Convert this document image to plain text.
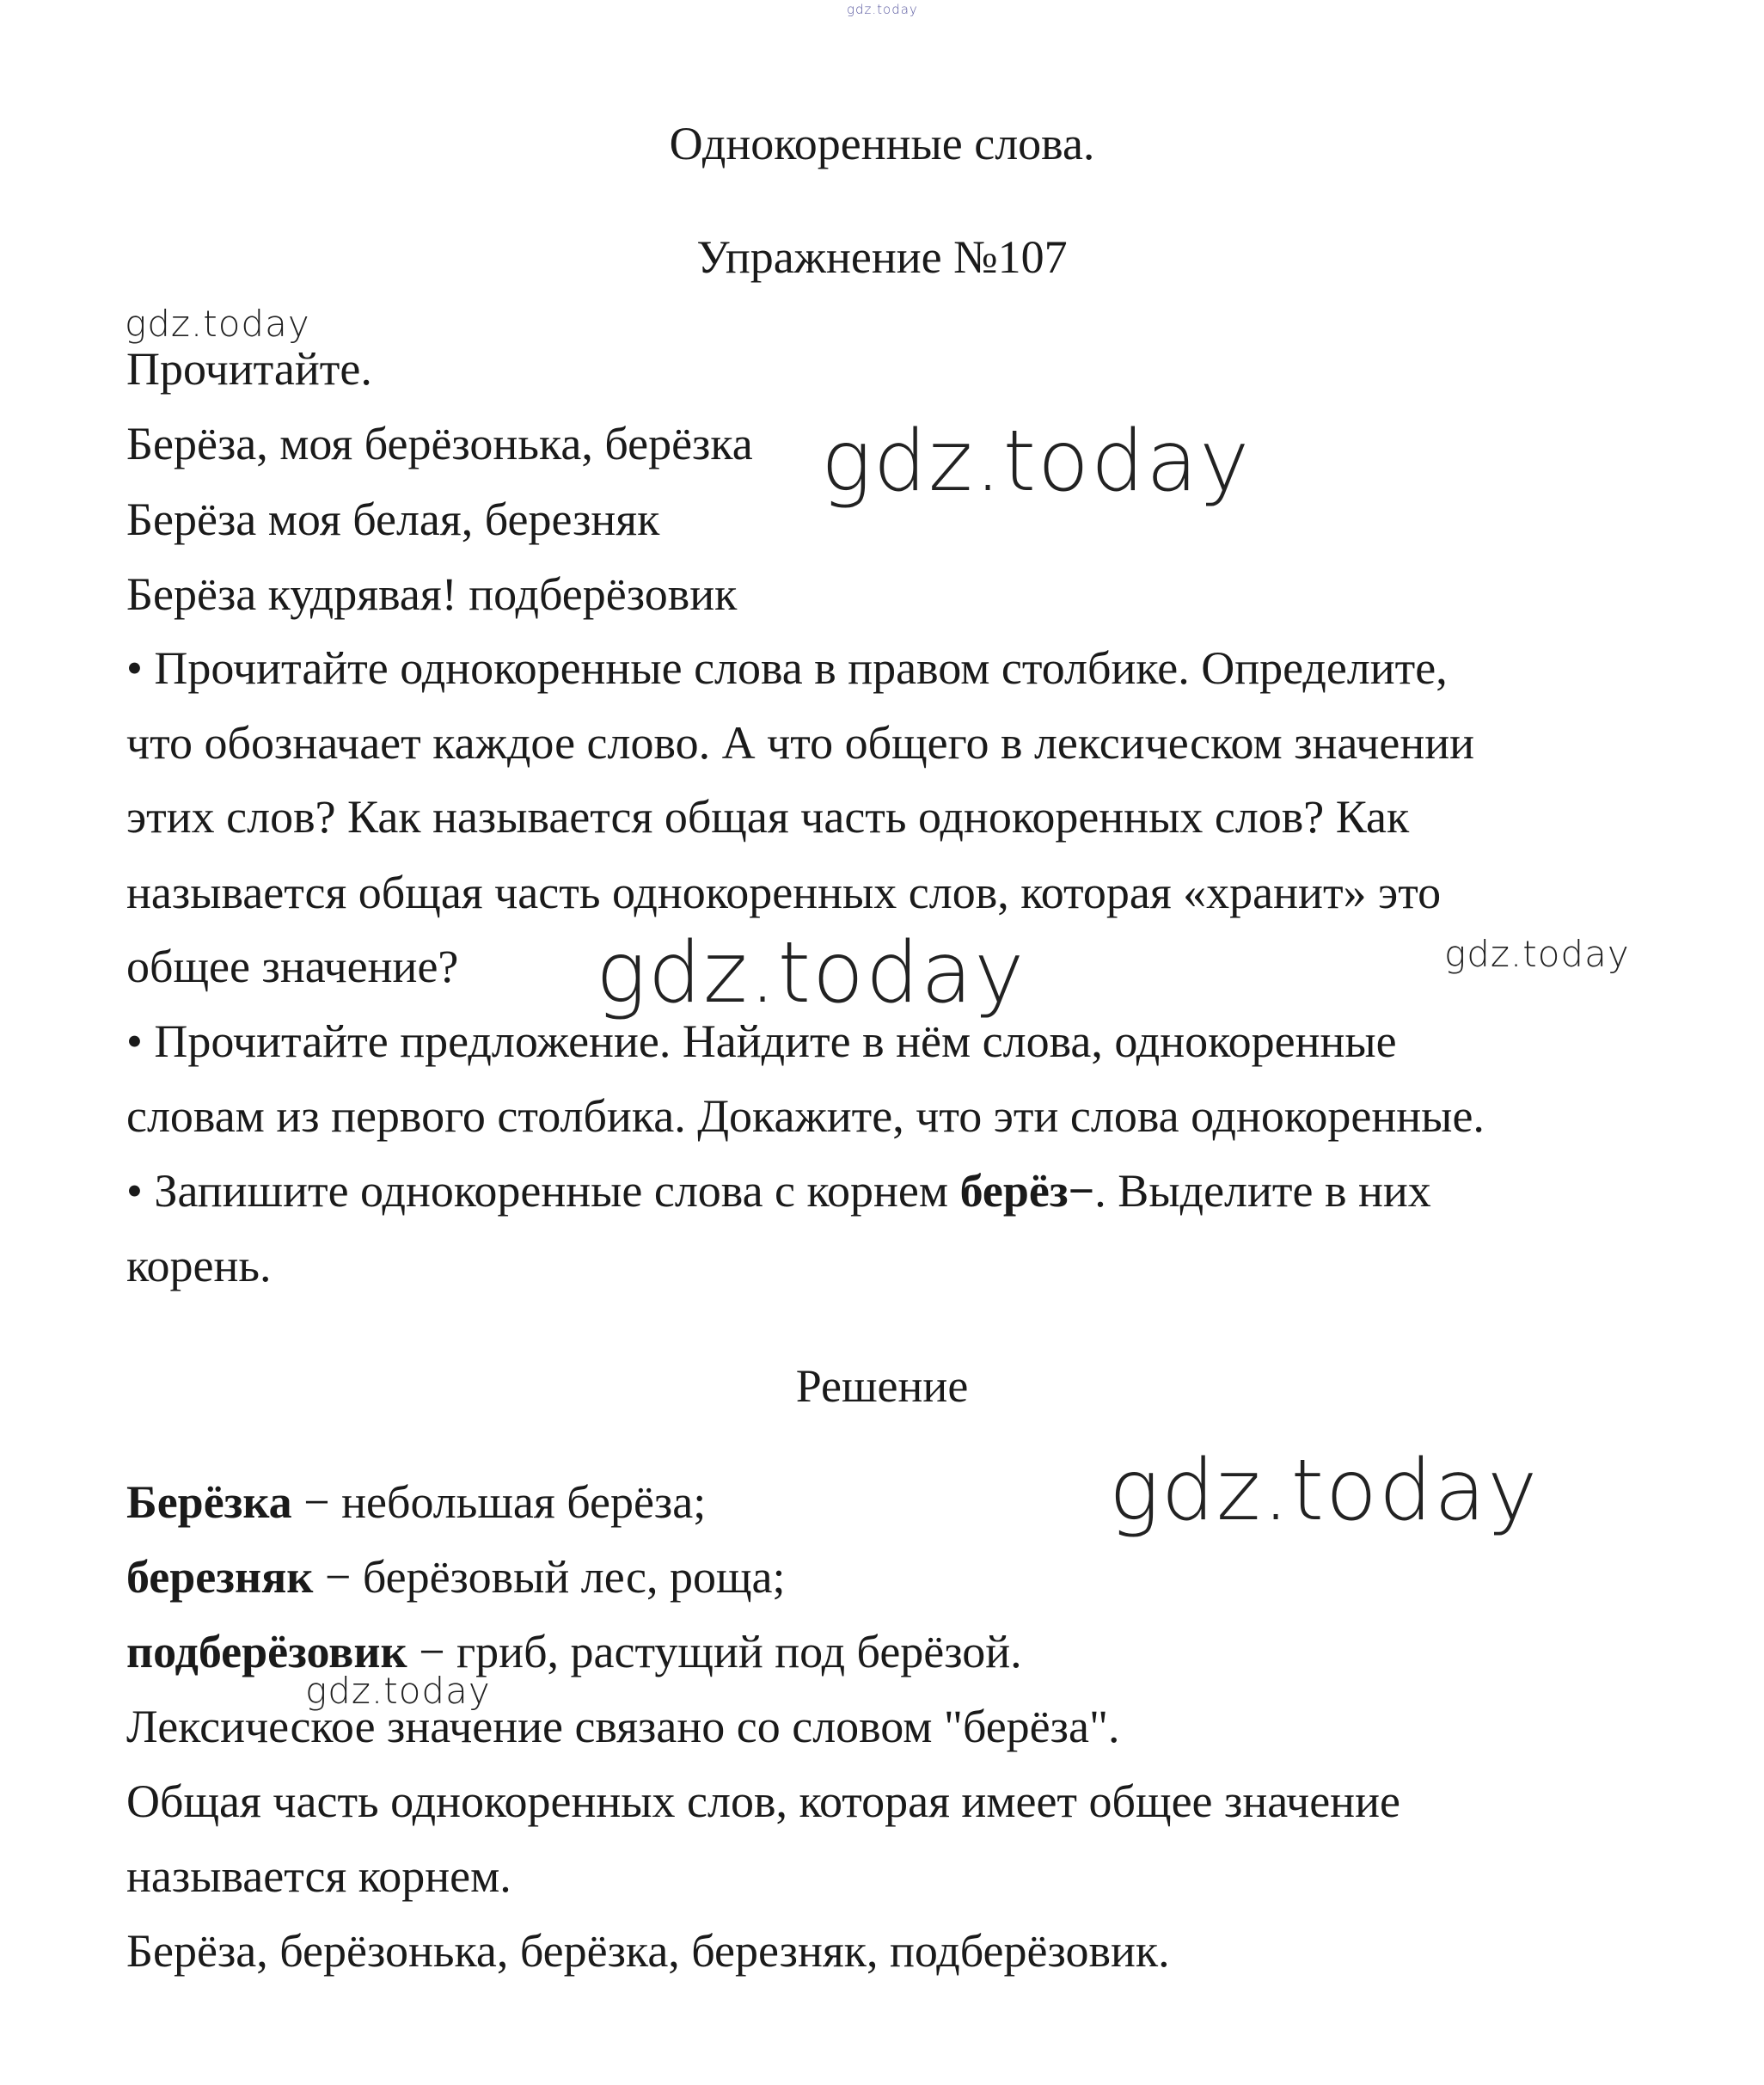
gdz.today
gdz.today
gdz.today
gdz.today
gdz.today
gdz.today
gdz.today
Однокоренные слова.
Упражнение №107
Прочитайте.
Берёза, моя берёзонька, берёзка
Берёза моя белая, березняк
Берёза кудрявая! подберёзовик
• Прочитайте однокоренные слова в правом столбике. Определите,
что обозначает каждое слово. А что общего в лексическом значении
этих слов? Как называется общая часть однокоренных слов? Как
называется общая часть однокоренных слов, которая «хранит» это
общее значение?
• Прочитайте предложение. Найдите в нём слова, однокоренные
словам из первого столбика. Докажите, что эти слова однокоренные.
• Запишите однокоренные слова с корнем берёз−. Выделите в них
корень.
Решение
Берёзка − небольшая берёза;
березняк − берёзовый лес, роща;
подберёзовик − гриб, растущий под берёзой.
Лексическое значение связано со словом "берёза".
Общая часть однокоренных слов, которая имеет общее значение
называется корнем.
Берёза, берёзонька, берёзка, березняк, подберёзовик.
